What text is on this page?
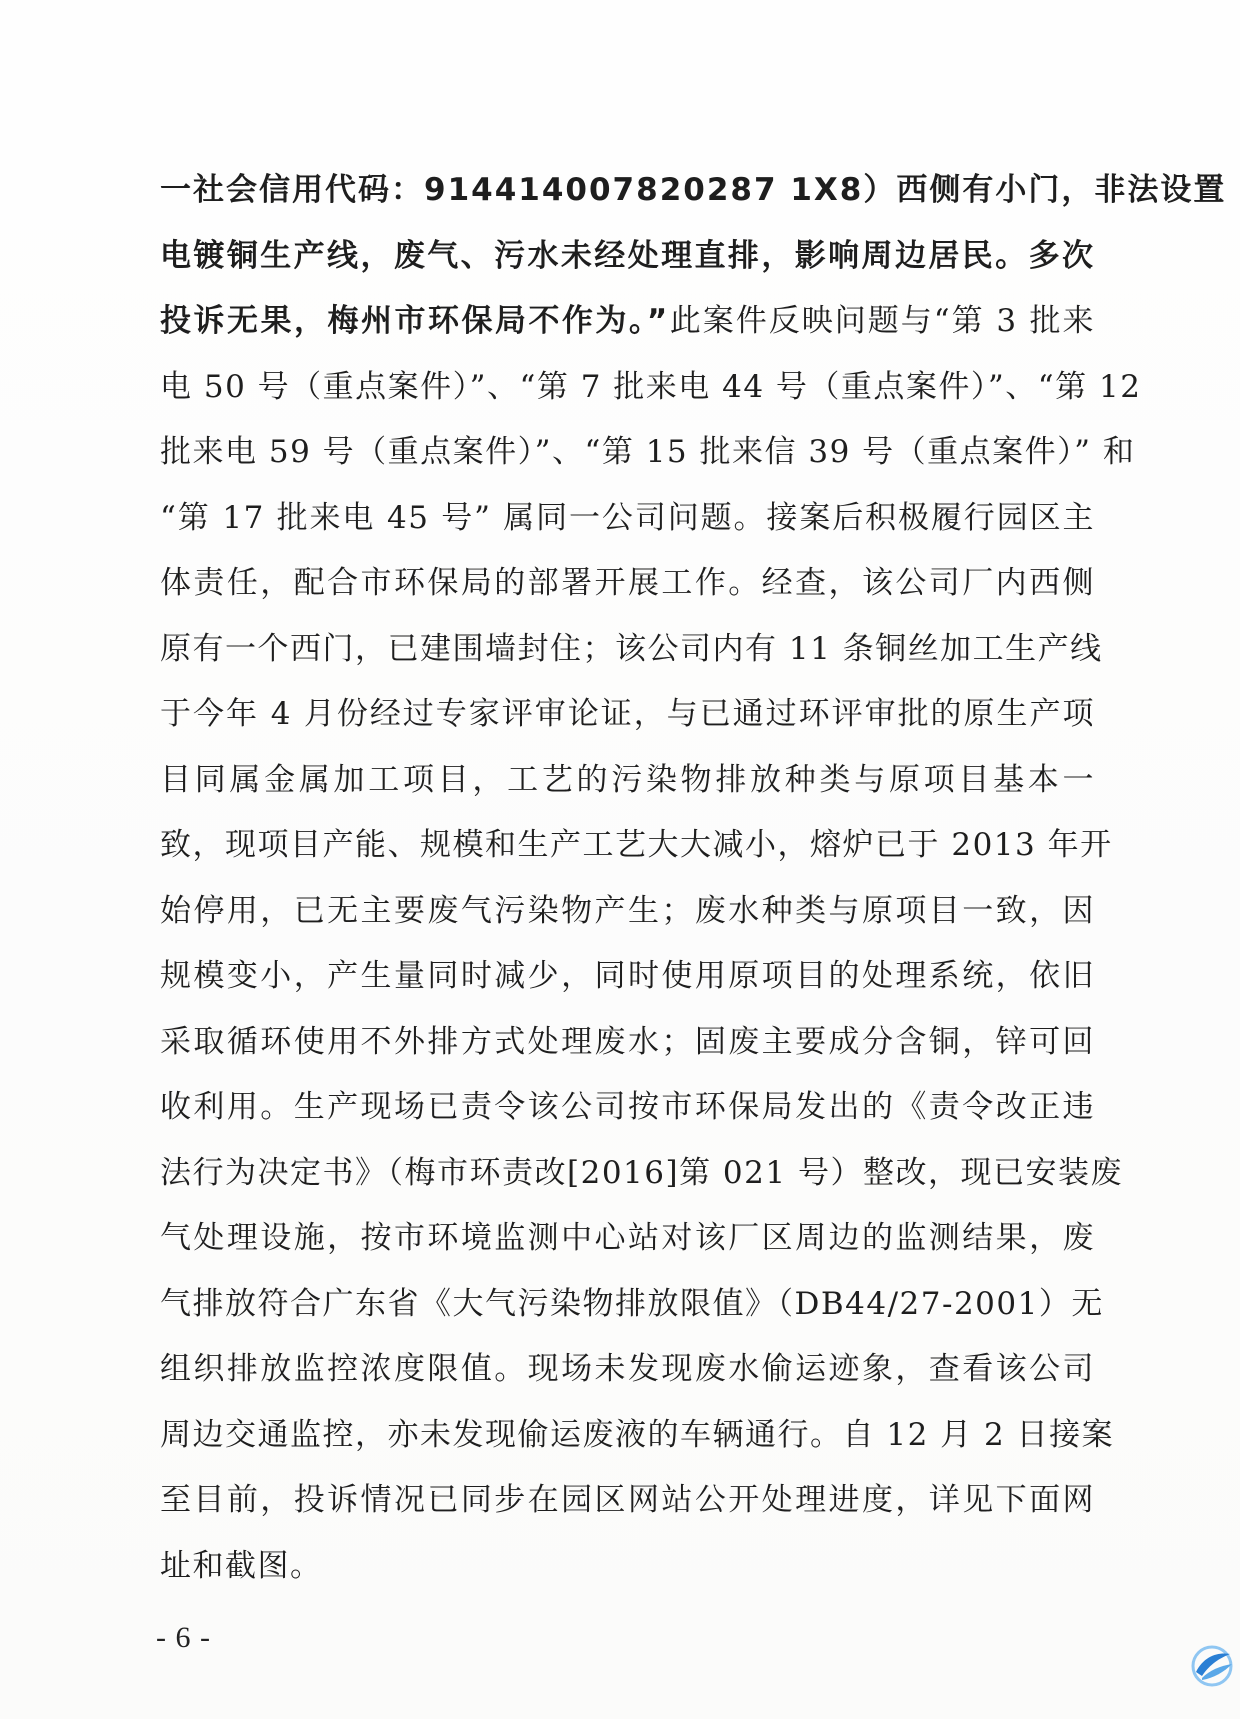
一社会信用代码：914414007820287 1X8）西侧有小门，非法设置
电镀铜生产线，废气、污水未经处理直排，影响周边居民。多次
投诉无果，梅州市环保局不作为。”此案件反映问题与“第 3 批来
电 50 号（重点案件）”、“第 7 批来电 44 号（重点案件）”、“第 12
批来电 59 号（重点案件）”、“第 15 批来信 39 号（重点案件）” 和
“第 17 批来电 45 号” 属同一公司问题。接案后积极履行园区主
体责任，配合市环保局的部署开展工作。经查，该公司厂内西侧
原有一个西门，已建围墙封住；该公司内有 11 条铜丝加工生产线
于今年 4 月份经过专家评审论证，与已通过环评审批的原生产项
目同属金属加工项目，工艺的污染物排放种类与原项目基本一
致，现项目产能、规模和生产工艺大大减小，熔炉已于 2013 年开
始停用，已无主要废气污染物产生；废水种类与原项目一致，因
规模变小，产生量同时减少，同时使用原项目的处理系统，依旧
采取循环使用不外排方式处理废水；固废主要成分含铜，锌可回
收利用。生产现场已责令该公司按市环保局发出的《责令改正违
法行为决定书》（梅市环责改[2016]第 021 号）整改，现已安装废
气处理设施，按市环境监测中心站对该厂区周边的监测结果，废
气排放符合广东省《大气污染物排放限值》（DB44/27-2001）无
组织排放监控浓度限值。现场未发现废水偷运迹象，查看该公司
周边交通监控，亦未发现偷运废液的车辆通行。自 12 月 2 日接案
至目前，投诉情况已同步在园区网站公开处理进度，详见下面网
址和截图。
- 6 -
